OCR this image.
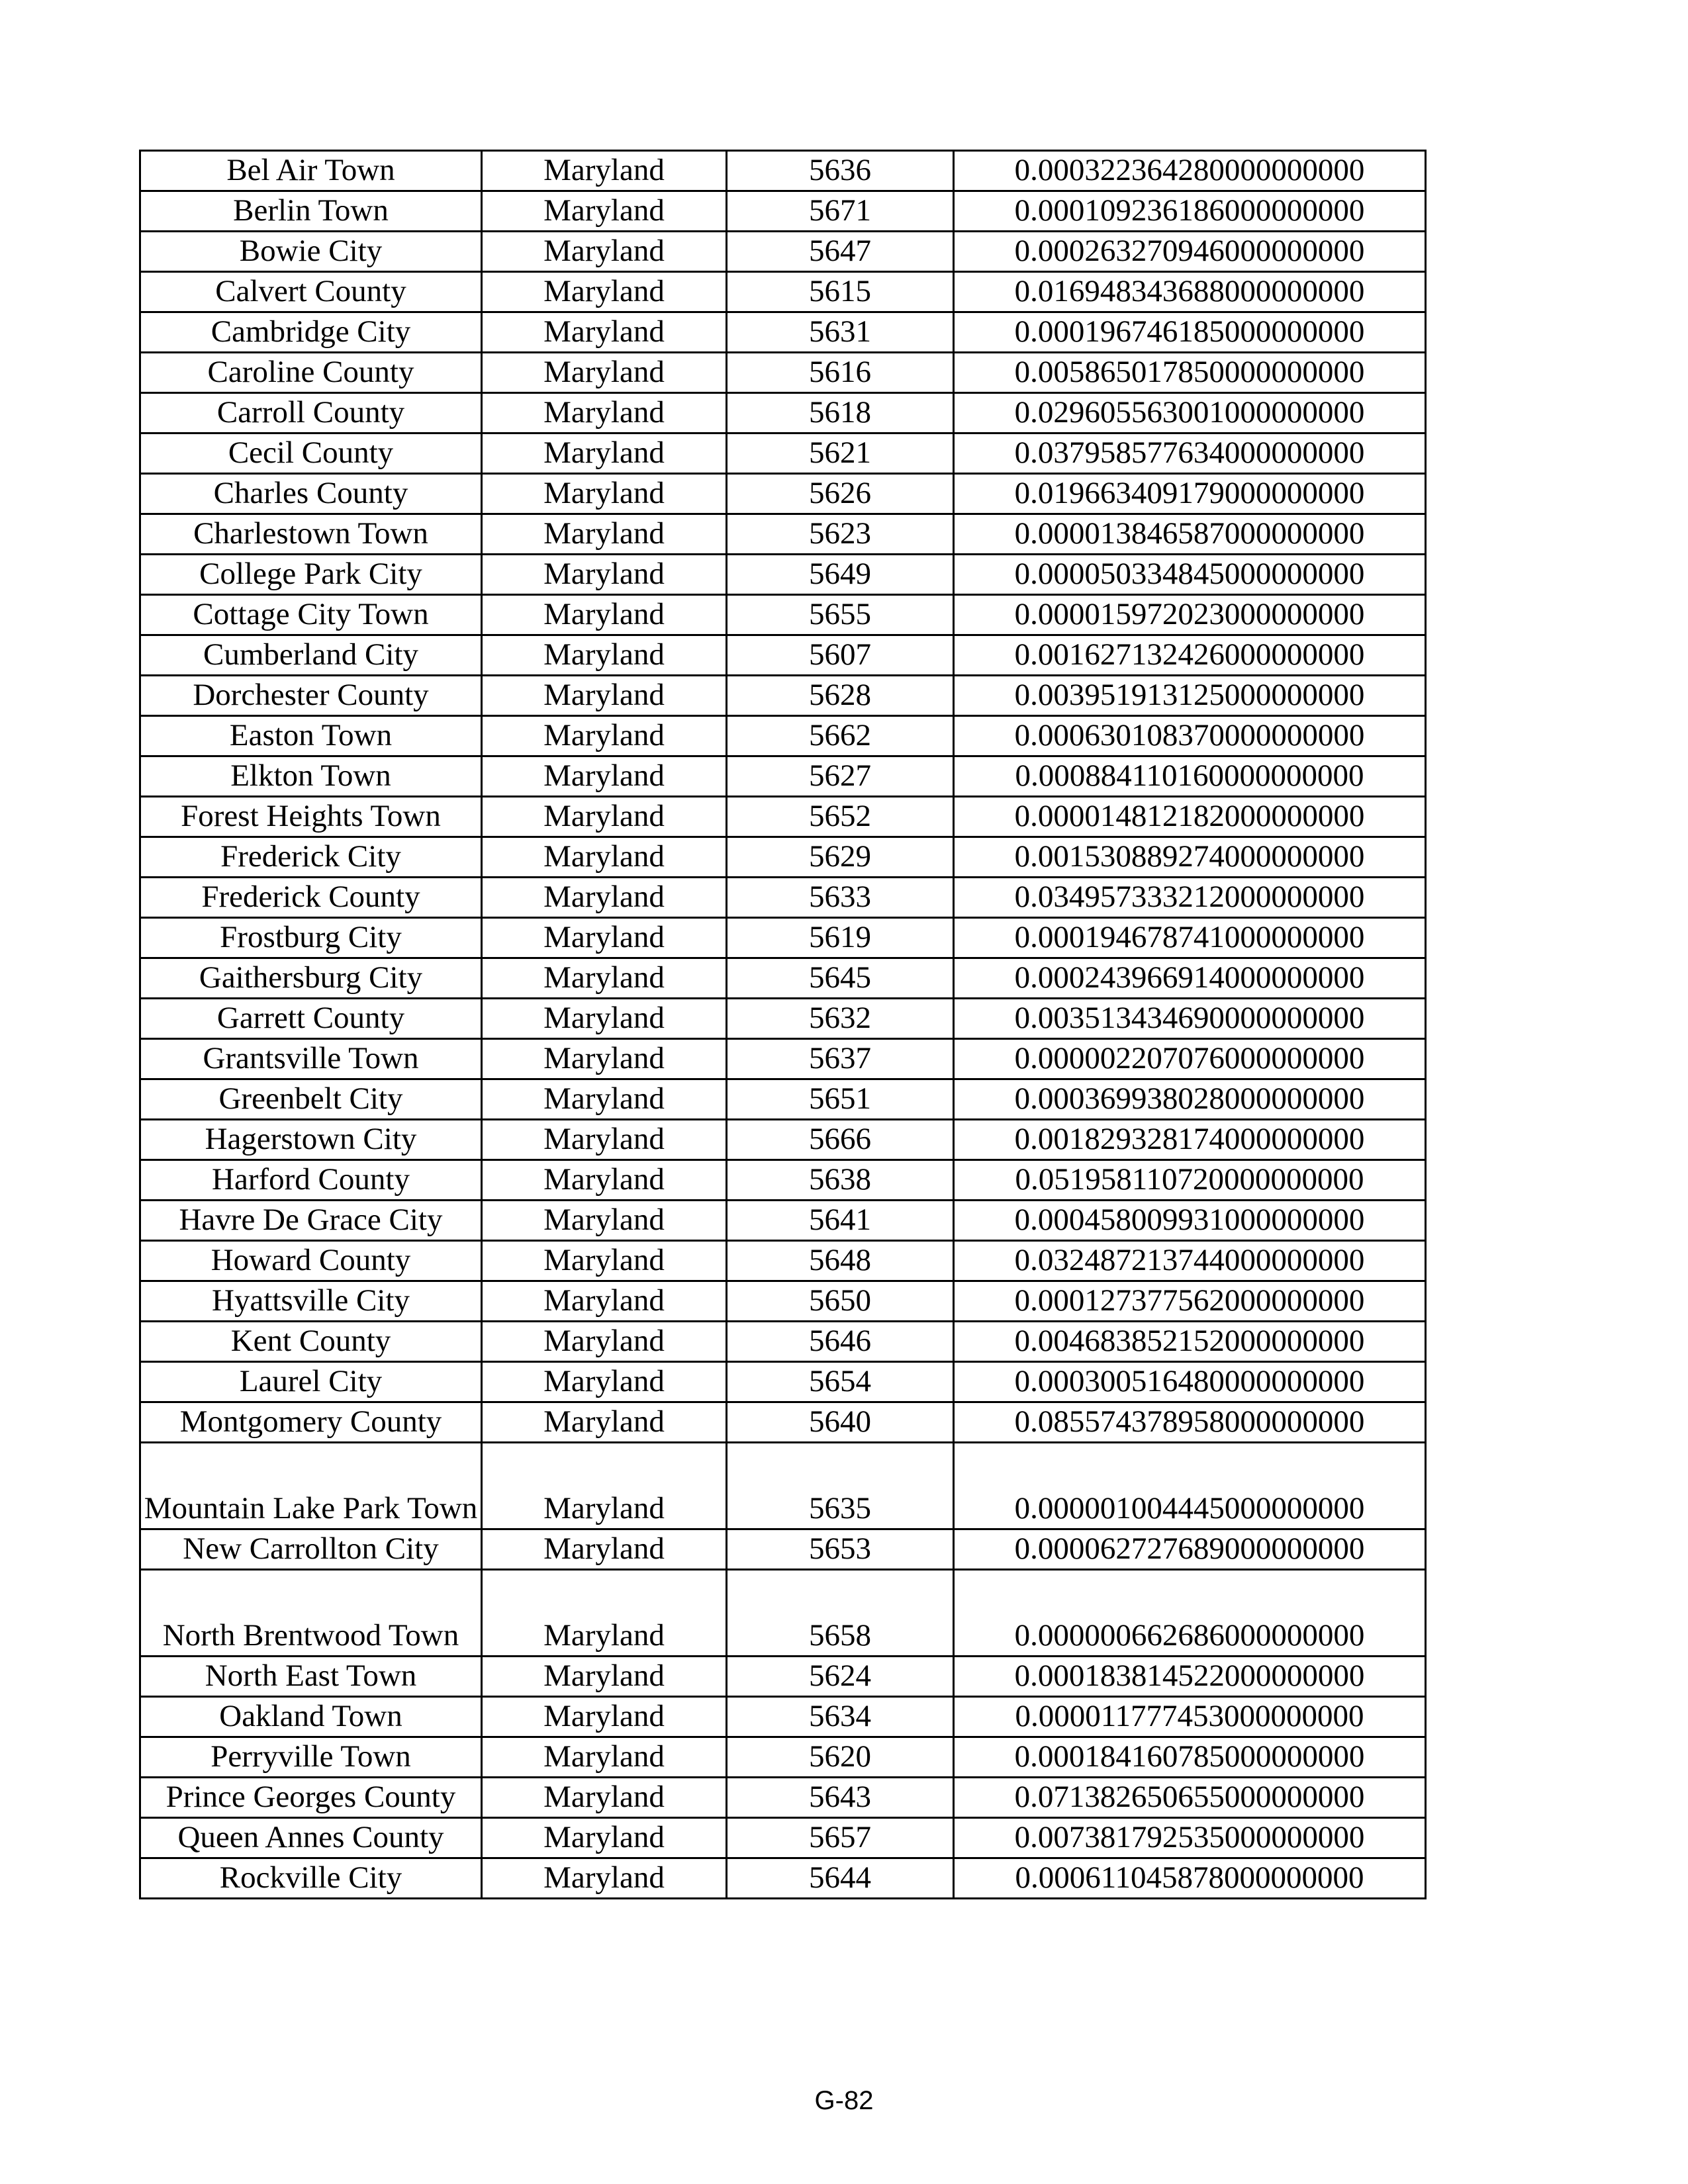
Bel Air Town	Maryland	5636	0.000322364280000000000
Berlin Town	Maryland	5671	0.000109236186000000000
Bowie City	Maryland	5647	0.000263270946000000000
Calvert County	Maryland	5615	0.016948343688000000000
Cambridge City	Maryland	5631	0.000196746185000000000
Caroline County	Maryland	5616	0.005865017850000000000
Carroll County	Maryland	5618	0.029605563001000000000
Cecil County	Maryland	5621	0.037958577634000000000
Charles County	Maryland	5626	0.019663409179000000000
Charlestown Town	Maryland	5623	0.000013846587000000000
College Park City	Maryland	5649	0.000050334845000000000
Cottage City Town	Maryland	5655	0.000015972023000000000
Cumberland City	Maryland	5607	0.001627132426000000000
Dorchester County	Maryland	5628	0.003951913125000000000
Easton Town	Maryland	5662	0.000630108370000000000
Elkton Town	Maryland	5627	0.000884110160000000000
Forest Heights Town	Maryland	5652	0.000014812182000000000
Frederick City	Maryland	5629	0.001530889274000000000
Frederick County	Maryland	5633	0.034957333212000000000
Frostburg City	Maryland	5619	0.000194678741000000000
Gaithersburg City	Maryland	5645	0.000243966914000000000
Garrett County	Maryland	5632	0.003513434690000000000
Grantsville Town	Maryland	5637	0.000002207076000000000
Greenbelt City	Maryland	5651	0.000369938028000000000
Hagerstown City	Maryland	5666	0.001829328174000000000
Harford County	Maryland	5638	0.051958110720000000000
Havre De Grace City	Maryland	5641	0.000458009931000000000
Howard County	Maryland	5648	0.032487213744000000000
Hyattsville City	Maryland	5650	0.000127377562000000000
Kent County	Maryland	5646	0.004683852152000000000
Laurel City	Maryland	5654	0.000300516480000000000
Montgomery County	Maryland	5640	0.085574378958000000000
Mountain Lake Park Town	Maryland	5635	0.000001004445000000000
New Carrollton City	Maryland	5653	0.000062727689000000000
North Brentwood Town	Maryland	5658	0.000000662686000000000
North East Town	Maryland	5624	0.000183814522000000000
Oakland Town	Maryland	5634	0.000011777453000000000
Perryville Town	Maryland	5620	0.000184160785000000000
Prince Georges County	Maryland	5643	0.071382650655000000000
Queen Annes County	Maryland	5657	0.007381792535000000000
Rockville City	Maryland	5644	0.000611045878000000000
G-82
